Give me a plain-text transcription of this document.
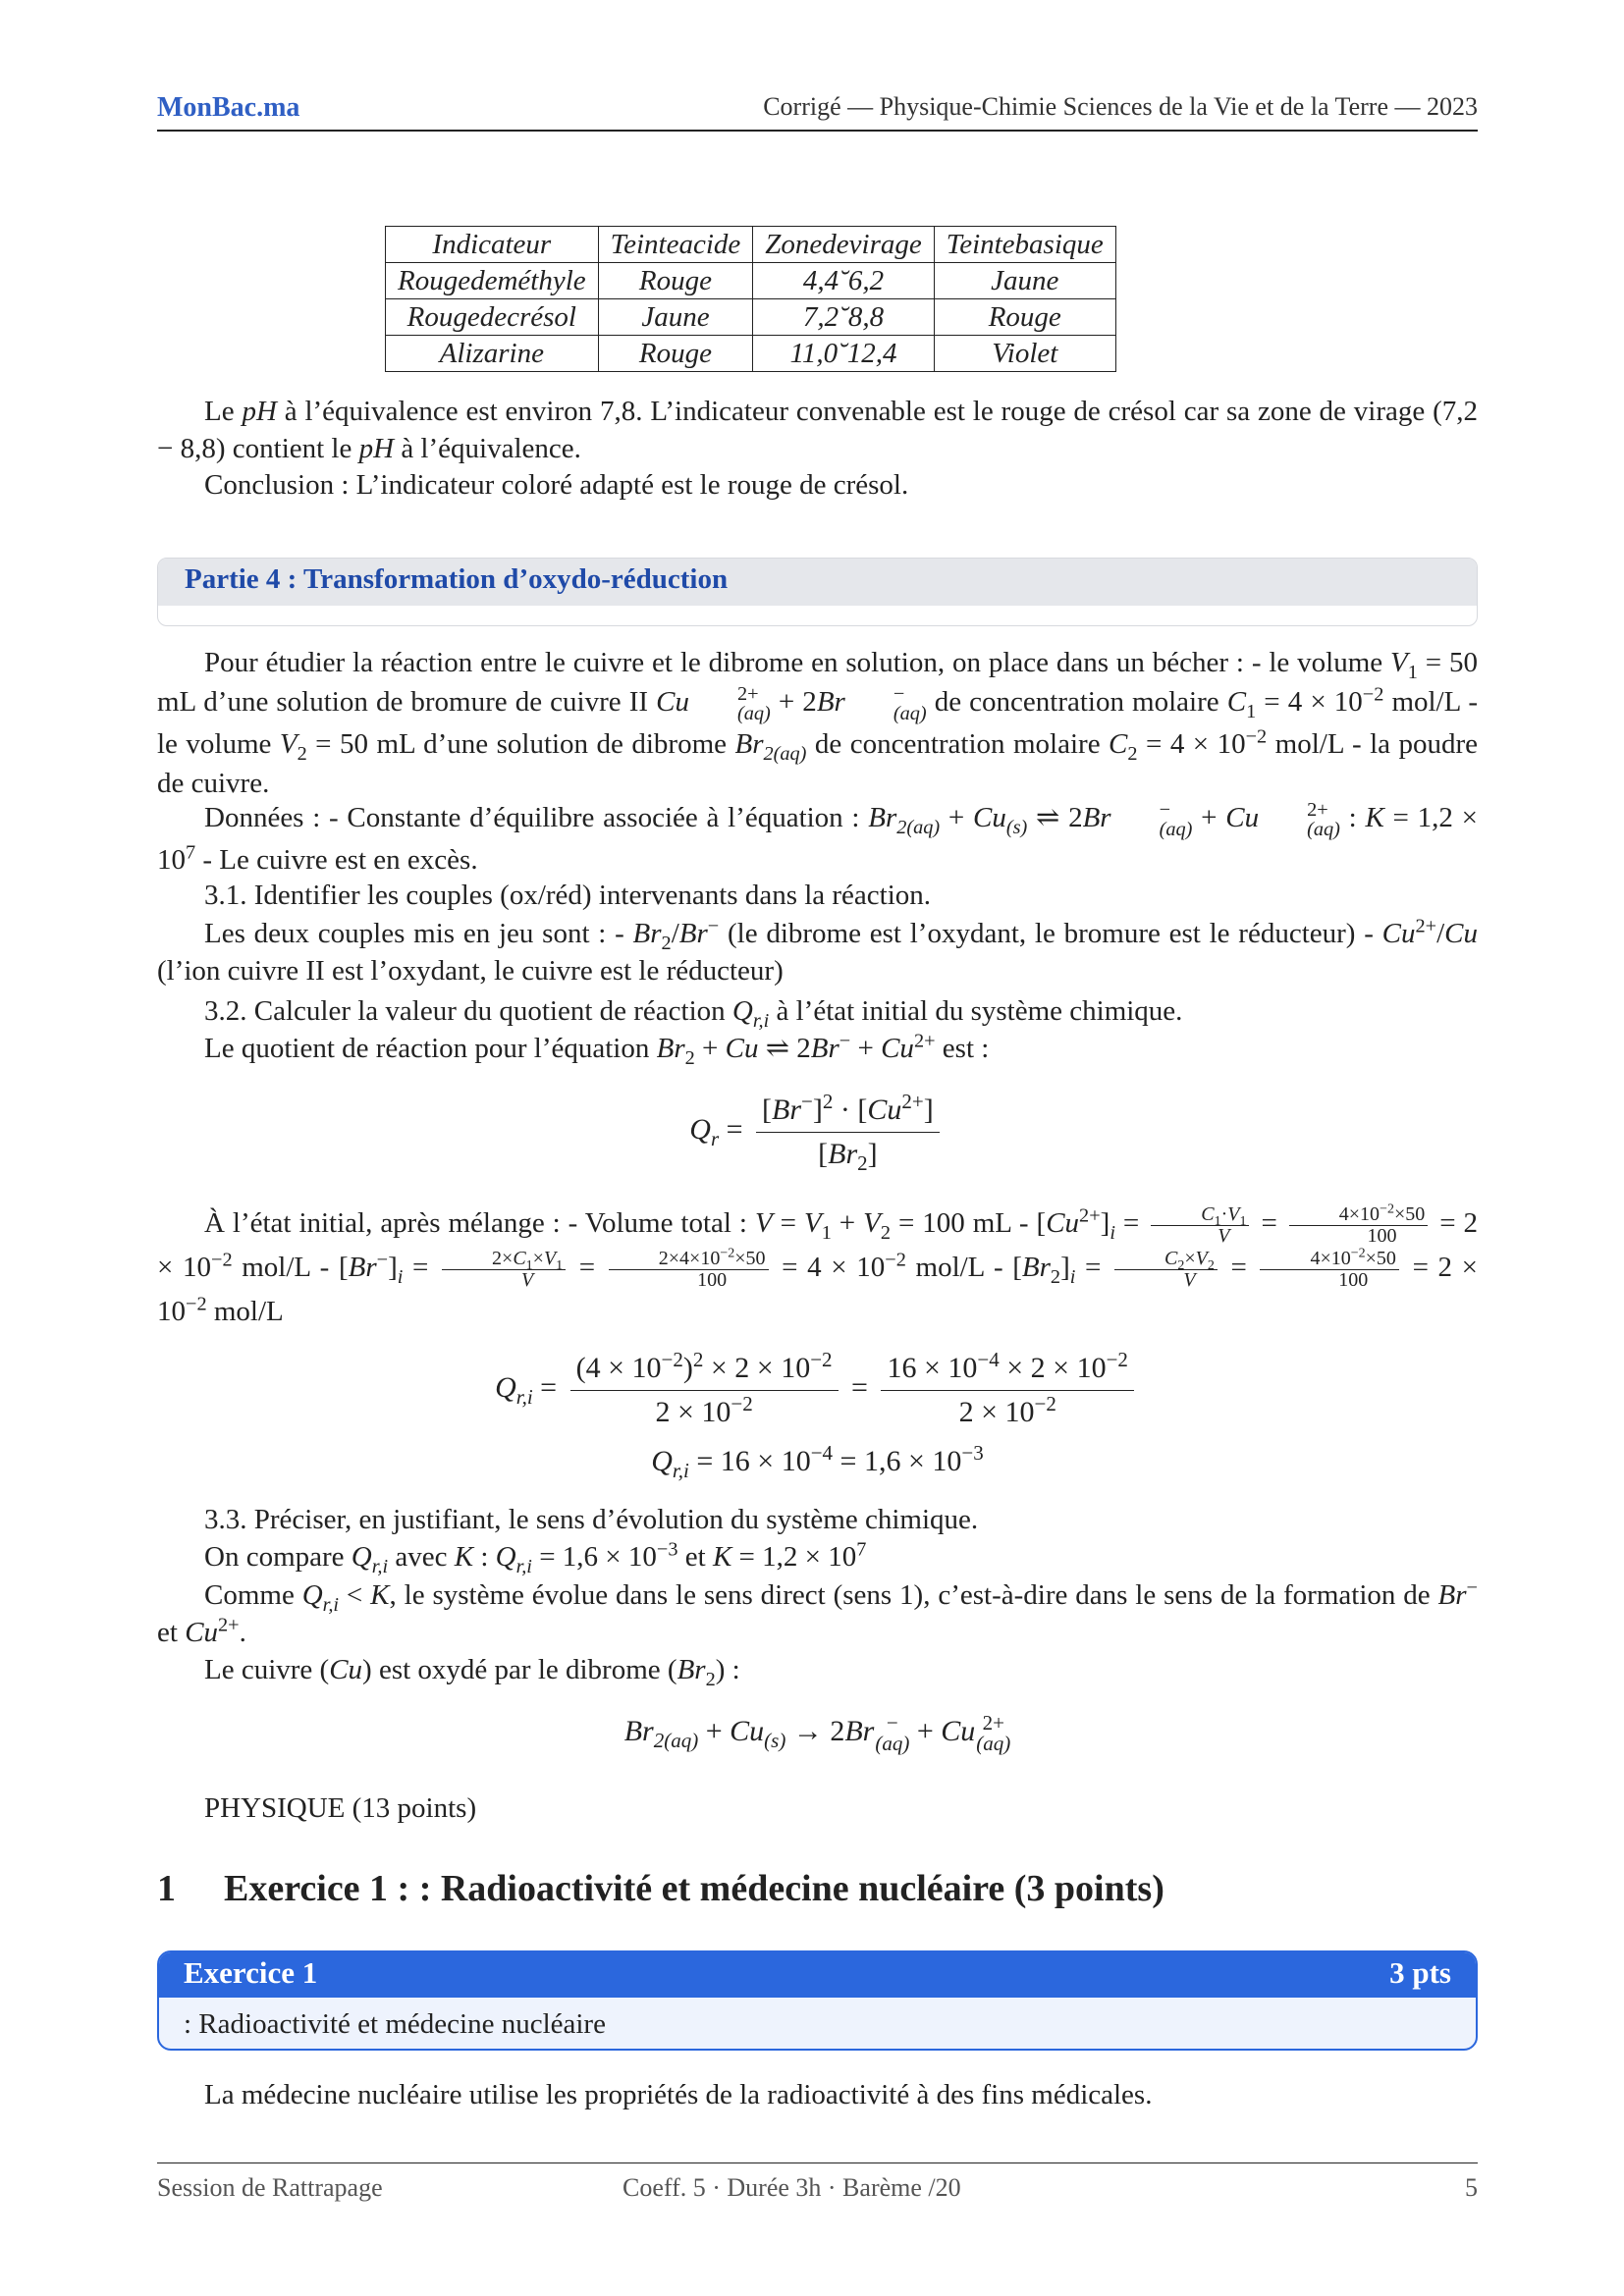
MonBac.ma	Corrigé — Physique-Chimie Sciences de la Vie et de la Terre — 2023
Indicateur	Teinteacide	Zonedevirage	Teintebasique
Rougedeméthyle	Rouge	4,4˘6,2	Jaune
Rougedecrésol	Jaune	7,2˘8,8	Rouge
Alizarine	Rouge	11,0˘12,4	Violet
Le pH à l’équivalence est environ 7,8. L’indicateur convenable est le rouge de crésol car sa zone de virage (7,2 − 8,8) contient le pH à l’équivalence.
Conclusion : L’indicateur coloré adapté est le rouge de crésol.
Partie 4 : Transformation d’oxydo-réduction
Pour étudier la réaction entre le cuivre et le dibrome en solution, on place dans un bécher : - le volume $V_1 = 50$ mL d’une solution de bromure de cuivre II Cu	2+
(aq) + 2Br	−
(aq) de concentration molaire $C_1 = 4 \times 10^{-2}$ mol/L - le volume $V_2 = 50$ mL d’une solution de dibrome $Br_{2(aq)}$ de concentration molaire $C_2 = 4 \times 10^{-2}$ mol/L - la poudre de cuivre.
Données : - Constante d’équilibre associée à l’équation : $Br_{2(aq)} + Cu_{(s)}$ ⇌ 2Br	−
(aq) + Cu	2+
(aq) : $K = 1,2 \times 10^7 - Le$ cuivre est en excès.
3.1. Identifier les couples (ox/réd) intervenants dans la réaction.
Les deux couples mis en jeu sont : - $Br_2/Br^-$ (le dibrome est l’oxydant, le bromure est le réducteur) - $Cu^{2+}/Cu$ (l’ion cuivre II est l’oxydant, le cuivre est le réducteur)
3.2. Calculer la valeur du quotient de réaction $Q_{r,i}$ à l’état initial du système chimique.
Le quotient de réaction pour l’équation $Br_2 + Cu$ ⇌ $2Br^- + Cu^{2+}$ est :
$Q_r = \frac{[Br^-]^2 \cdot [Cu^{2+}]}{[Br_2]}$
À l’état initial, après mélange : - Volume total : $V = V_1 + V_2 = 100$ mL - $[Cu^{2+}]_i = \frac{C_1\cdot V_1}{V} = \frac{4\times 10^{-2}\times 50}{100} = 2 \times 10^{-2}$ $mol/L - [Br^-]_i = \frac{2\times C_1\times V_1}{V} = \frac{2\times 4\times 10^{-2}\times 50}{100} = 4 \times 10^{-2}$ $mol/L - [Br_2]_i = \frac{C_2\times V_2}{V} = \frac{4\times 10^{-2}\times 50}{100} = 2 \times 10^{-2}$ mol/L
$Q_{r,i} = \frac{(4 \times 10^{-2})^2 \times 2 \times 10^{-2}}{2 \times 10^{-2}} = \frac{16 \times 10^{-4} \times 2 \times 10^{-2}}{2 \times 10^{-2}}$
$Q_{r,i} = 16 \times 10^{-4} = 1,6 \times 10^{-3}$
3.3. Préciser, en justifiant, le sens d’évolution du système chimique.
On compare $Q_{r,i}$ avec K : $Q_{r,i} = 1,6 \times 10^{-3}$ et $K = 1,2 \times 10^7$
Comme $Q_{r,i} < K$, le système évolue dans le sens direct (sens 1), c’est-à-dire dans le sens de la formation de Br− et $Cu^{2+}$.
Le cuivre (Cu) est oxydé par le dibrome $(Br_2)$ :
$Br_{2(aq)} + Cu_{(s)} \to 2Br$ −
(aq) + Cu 2+
(aq)
PHYSIQUE (13 points)
1 Exercice 1 : : Radioactivité et médecine nucléaire (3 points)
Exercice 1	3 pts
: Radioactivité et médecine nucléaire
La médecine nucléaire utilise les propriétés de la radioactivité à des fins médicales.
Session de Rattrapage	Coeff. 5 · Durée 3h · Barème /20	5
